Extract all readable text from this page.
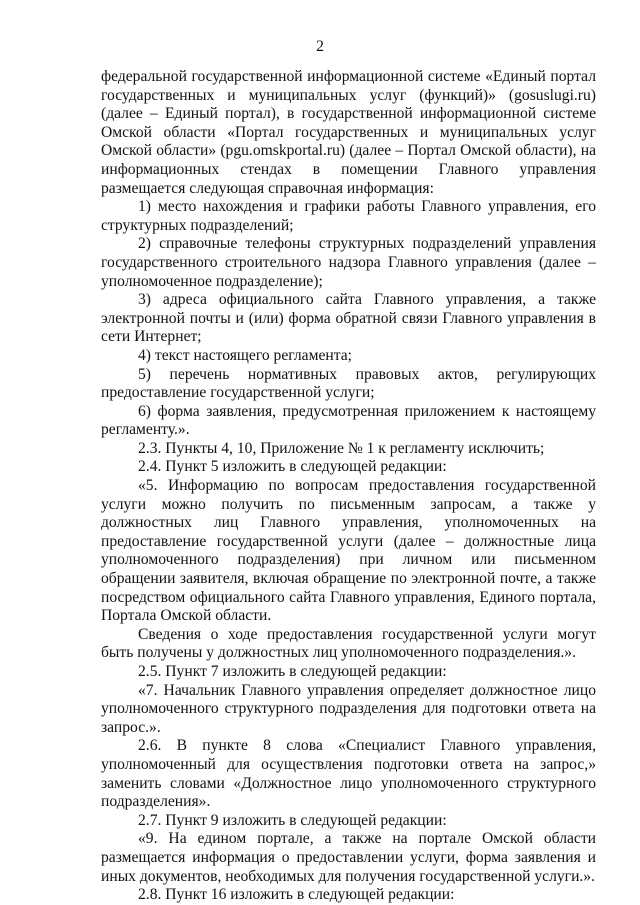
2

федеральной государственной информационной системе «Единый портал государственных и муниципальных услуг (функций)» (gosuslugi.ru) (далее – Единый портал), в государственной информационной системе Омской области «Портал государственных и муниципальных услуг Омской области» (pgu.omskportal.ru) (далее – Портал Омской области), на информационных стендах в помещении Главного управления размещается следующая справочная информация:

1) место нахождения и графики работы Главного управления, его структурных подразделений;

2) справочные телефоны структурных подразделений управления государственного строительного надзора Главного управления (далее – уполномоченное подразделение);

3) адреса официального сайта Главного управления, а также электронной почты и (или) форма обратной связи Главного управления в сети Интернет;

4) текст настоящего регламента;

5) перечень нормативных правовых актов, регулирующих предоставление государственной услуги;

6) форма заявления, предусмотренная приложением к настоящему регламенту.».

2.3. Пункты 4, 10, Приложение № 1 к регламенту исключить;

2.4. Пункт 5 изложить в следующей редакции:

«5. Информацию по вопросам предоставления государственной услуги можно получить по письменным запросам, а также у должностных лиц Главного управления, уполномоченных на предоставление государственной услуги (далее – должностные лица уполномоченного подразделения) при личном или письменном обращении заявителя, включая обращение по электронной почте, а также посредством официального сайта Главного управления, Единого портала, Портала Омской области.

Сведения о ходе предоставления государственной услуги могут быть получены у должностных лиц уполномоченного подразделения.».

2.5. Пункт 7 изложить в следующей редакции:

«7. Начальник Главного управления определяет должностное лицо уполномоченного структурного подразделения для подготовки ответа на запрос.».

2.6. В пункте 8 слова «Специалист Главного управления, уполномоченный для осуществления подготовки ответа на запрос,» заменить словами «Должностное лицо уполномоченного структурного подразделения».

2.7. Пункт 9 изложить в следующей редакции:

«9. На едином портале, а также на портале Омской области размещается информация о предоставлении услуги, форма заявления и иных документов, необходимых для получения государственной услуги.».

2.8. Пункт 16 изложить в следующей редакции:
